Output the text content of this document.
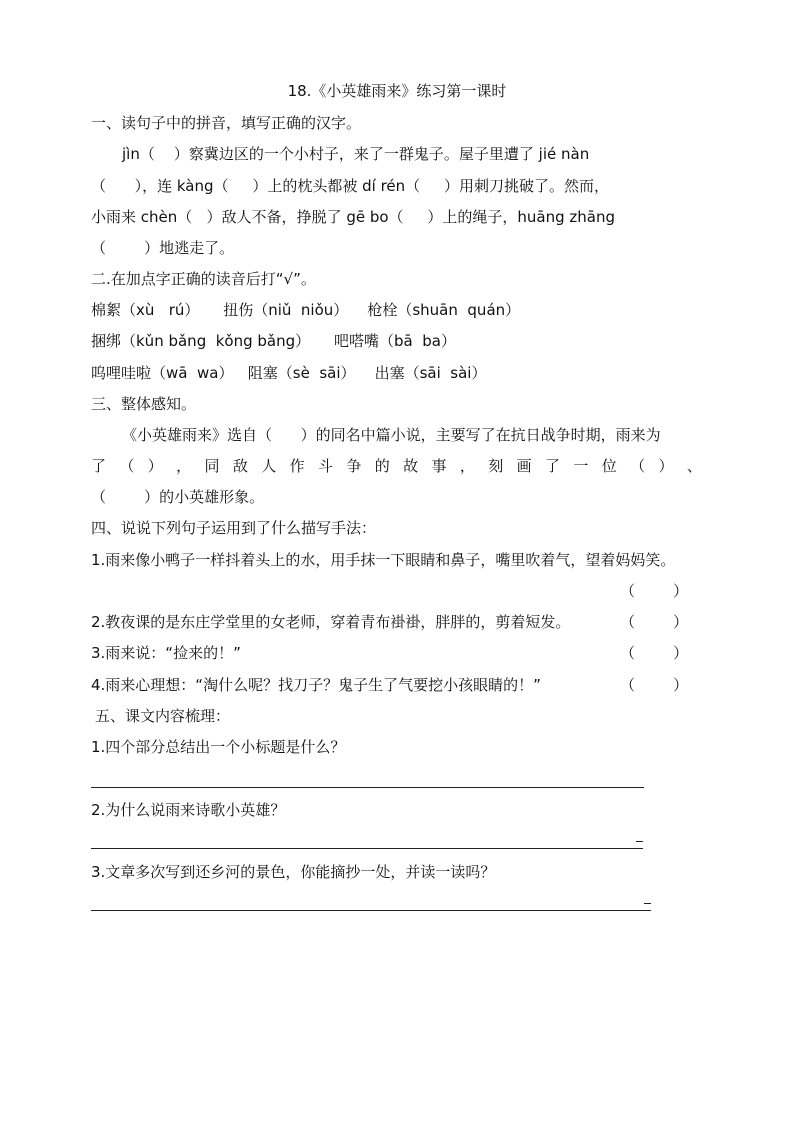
18.《小英雄雨来》练习第一课时
一、读句子中的拼音，填写正确的汉字。
jìn（    ）察冀边区的一个小村子，来了一群鬼子。屋子里遭了 jié nàn
（      ），连 kàng（     ）上的枕头都被 dí rén（     ）用刺刀挑破了。然而，
小雨来 chèn（   ）敌人不备，挣脱了 gē bo（     ）上的绳子，huāng zhāng
（        ）地逃走了。
二.在加点字正确的读音后打“√”。
棉絮（xù   rú）     扭伤（niǔ  niǒu）    枪栓（shuān  quán）
捆绑（kǔn bǎng  kǒng bǎng）     吧嗒嘴（bā  ba）
呜哩哇啦（wā  wa）   阻塞（sè  sāi）    出塞（sāi  sài）
三、整体感知。
《小英雄雨来》选自（      ）的同名中篇小说，主要写了在抗日战争时期，雨来为
了 （ ） ， 同 敌 人 作 斗 争 的 故 事 ， 刻 画 了 一 位 （ ） 、
（        ）的小英雄形象。
四、说说下列句子运用到了什么描写手法：
1.雨来像小鸭子一样抖着头上的水，用手抹一下眼睛和鼻子，嘴里吹着气，望着妈妈笑。
（        ）
2.教夜课的是东庄学堂里的女老师，穿着青布褂褂，胖胖的，剪着短发。	（        ）
3.雨来说：“捡来的！”	（        ）
4.雨来心理想：“淘什么呢？找刀子？鬼子生了气要挖小孩眼睛的！”	（        ）
五、课文内容梳理：
1.四个部分总结出一个小标题是什么？
2.为什么说雨来诗歌小英雄？
3.文章多次写到还乡河的景色，你能摘抄一处，并读一读吗？
